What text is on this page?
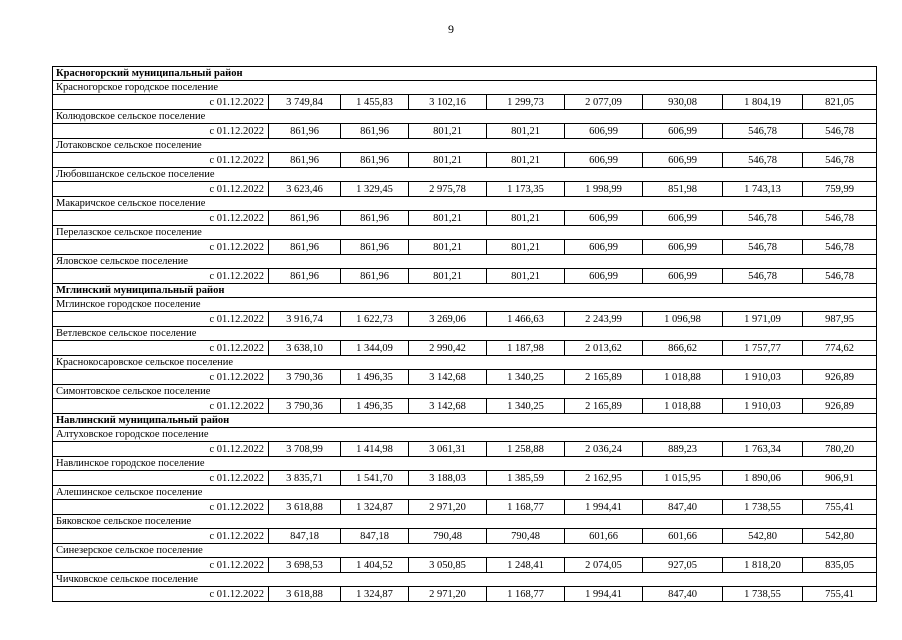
9
Красногорский муниципальный район								
Красногорское городское поселение								
с 01.12.2022	3 749,84	1 455,83	3 102,16	1 299,73	2 077,09	930,08	1 804,19	821,05
Колюдовское сельское поселение								
с 01.12.2022	861,96	861,96	801,21	801,21	606,99	606,99	546,78	546,78
Лотаковское сельское поселение								
с 01.12.2022	861,96	861,96	801,21	801,21	606,99	606,99	546,78	546,78
Любовшанское сельское поселение								
с 01.12.2022	3 623,46	1 329,45	2 975,78	1 173,35	1 998,99	851,98	1 743,13	759,99
Макаричское сельское поселение								
с 01.12.2022	861,96	861,96	801,21	801,21	606,99	606,99	546,78	546,78
Перелазское сельское поселение								
с 01.12.2022	861,96	861,96	801,21	801,21	606,99	606,99	546,78	546,78
Яловское сельское поселение								
с 01.12.2022	861,96	861,96	801,21	801,21	606,99	606,99	546,78	546,78
Мглинский муниципальный район								
Мглинское городское поселение								
с 01.12.2022	3 916,74	1 622,73	3 269,06	1 466,63	2 243,99	1 096,98	1 971,09	987,95
Ветлевское сельское поселение								
с 01.12.2022	3 638,10	1 344,09	2 990,42	1 187,98	2 013,62	866,62	1 757,77	774,62
Краснокосаровское сельское поселение								
с 01.12.2022	3 790,36	1 496,35	3 142,68	1 340,25	2 165,89	1 018,88	1 910,03	926,89
Симонтовское сельское поселение								
с 01.12.2022	3 790,36	1 496,35	3 142,68	1 340,25	2 165,89	1 018,88	1 910,03	926,89
Навлинский муниципальный район								
Алтуховское городское поселение								
с 01.12.2022	3 708,99	1 414,98	3 061,31	1 258,88	2 036,24	889,23	1 763,34	780,20
Навлинское городское поселение								
с 01.12.2022	3 835,71	1 541,70	3 188,03	1 385,59	2 162,95	1 015,95	1 890,06	906,91
Алешинское сельское поселение								
с 01.12.2022	3 618,88	1 324,87	2 971,20	1 168,77	1 994,41	847,40	1 738,55	755,41
Бяковское сельское поселение								
с 01.12.2022	847,18	847,18	790,48	790,48	601,66	601,66	542,80	542,80
Синезерское сельское поселение								
с 01.12.2022	3 698,53	1 404,52	3 050,85	1 248,41	2 074,05	927,05	1 818,20	835,05
Чичковское сельское поселение								
с 01.12.2022	3 618,88	1 324,87	2 971,20	1 168,77	1 994,41	847,40	1 738,55	755,41
